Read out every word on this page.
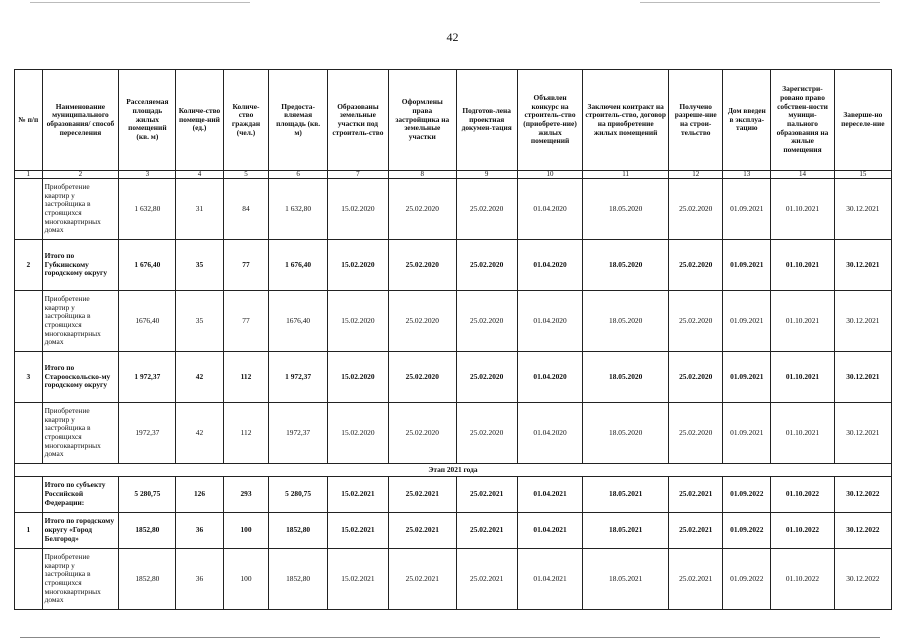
42
№ п/п	Наименование муниципального образования/ способ переселения	Расселяемая площадь жилых помещений (кв. м)	Количе-ство помеще-ний (ед.)	Количе-ство граждан (чел.)	Предоста-вляемая площадь (кв. м)	Образованы земельные участки под строитель-ство	Оформлены права застройщика на земельные участки	Подготов-лена проектная докумен-тация	Объявлен конкурс на строитель-ство (приобрете-ние) жилых помещений	Заключен контракт на строитель-ство, договор на приобретение жилых помещений	Получено разреше-ние на строи-тельство	Дом введен в эксплуа-тацию	Зарегистри-ровано право собствен-ности муници-пального образования на жилые помещения	Заверше-но переселе-ние
1	2	3	4	5	6	7	8	9	10	11	12	13	14	15
	Приобретение квартир у застройщика в строящихся многоквартирных домах	1 632,80	31	84	1 632,80	15.02.2020	25.02.2020	25.02.2020	01.04.2020	18.05.2020	25.02.2020	01.09.2021	01.10.2021	30.12.2021
2	Итого по Губкинскому городскому округу	1 676,40	35	77	1 676,40	15.02.2020	25.02.2020	25.02.2020	01.04.2020	18.05.2020	25.02.2020	01.09.2021	01.10.2021	30.12.2021
	Приобретение квартир у застройщика в строящихся многоквартирных домах	1676,40	35	77	1676,40	15.02.2020	25.02.2020	25.02.2020	01.04.2020	18.05.2020	25.02.2020	01.09.2021	01.10.2021	30.12.2021
3	Итого по Старооскольско-му городскому округу	1 972,37	42	112	1 972,37	15.02.2020	25.02.2020	25.02.2020	01.04.2020	18.05.2020	25.02.2020	01.09.2021	01.10.2021	30.12.2021
	Приобретение квартир у застройщика в строящихся многоквартирных домах	1972,37	42	112	1972,37	15.02.2020	25.02.2020	25.02.2020	01.04.2020	18.05.2020	25.02.2020	01.09.2021	01.10.2021	30.12.2021
Этап 2021 года														
	Итого по субъекту Российской Федерации:	5 280,75	126	293	5 280,75	15.02.2021	25.02.2021	25.02.2021	01.04.2021	18.05.2021	25.02.2021	01.09.2022	01.10.2022	30.12.2022
1	Итого по городскому округу «Город Белгород»	1852,80	36	100	1852,80	15.02.2021	25.02.2021	25.02.2021	01.04.2021	18.05.2021	25.02.2021	01.09.2022	01.10.2022	30.12.2022
	Приобретение квартир у застройщика в строящихся многоквартирных домах	1852,80	36	100	1852,80	15.02.2021	25.02.2021	25.02.2021	01.04.2021	18.05.2021	25.02.2021	01.09.2022	01.10.2022	30.12.2022
